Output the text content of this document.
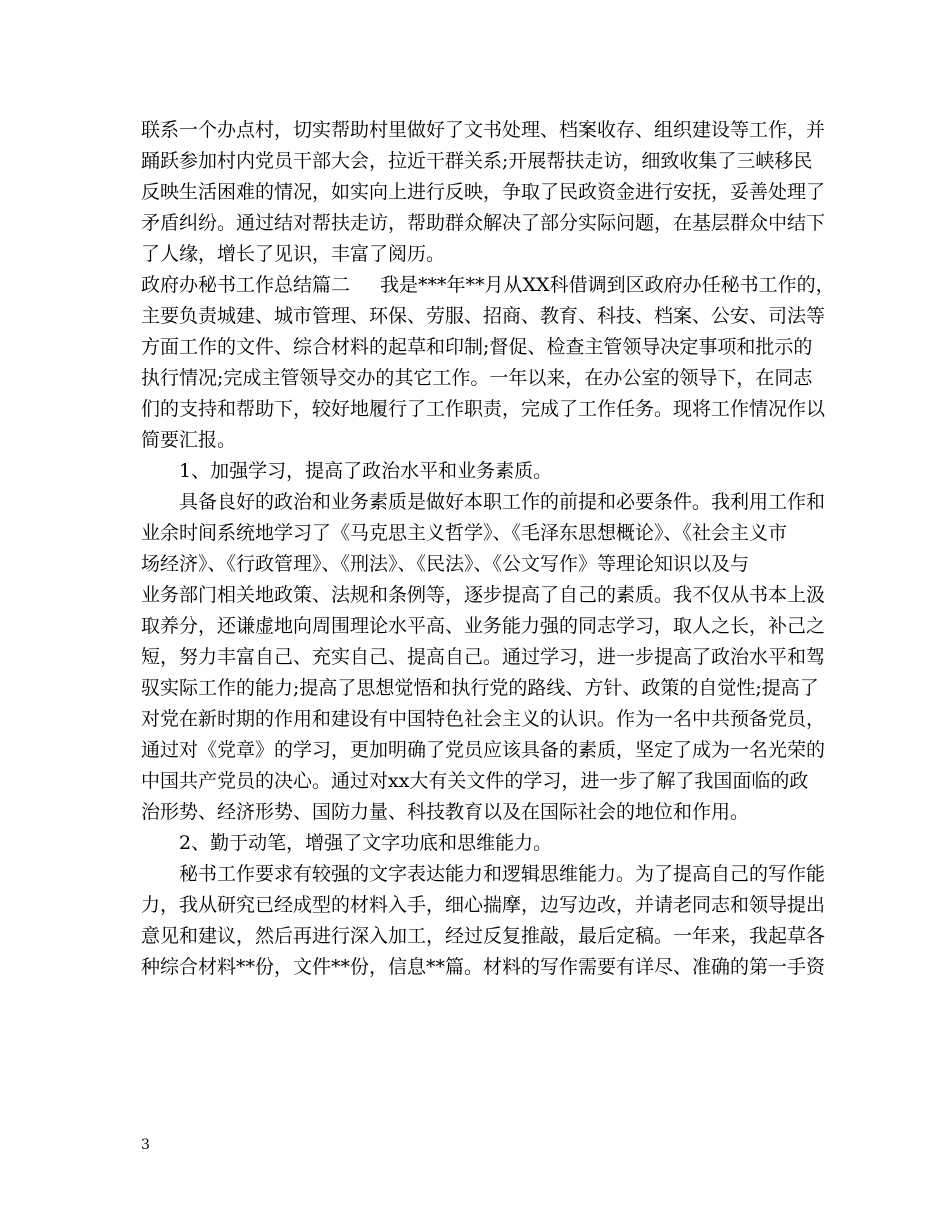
联系一个办点村，切实帮助村里做好了文书处理、档案收存、组织建设等工作，并
踊跃参加村内党员干部大会，拉近干群关系;开展帮扶走访，细致收集了三峡移民
反映生活困难的情况，如实向上进行反映，争取了民政资金进行安抚，妥善处理了
矛盾纠纷。通过结对帮扶走访，帮助群众解决了部分实际问题，在基层群众中结下
了人缘，增长了见识，丰富了阅历。
政府办秘书工作总结篇二 我是***年**月从XX科借调到区政府办任秘书工作的，
主要负责城建、城市管理、环保、劳服、招商、教育、科技、档案、公安、司法等
方面工作的文件、综合材料的起草和印制;督促、检查主管领导决定事项和批示的
执行情况;完成主管领导交办的其它工作。一年以来，在办公室的领导下，在同志
们的支持和帮助下，较好地履行了工作职责，完成了工作任务。现将工作情况作以
简要汇报。
1、加强学习，提高了政治水平和业务素质。
具备良好的政治和业务素质是做好本职工作的前提和必要条件。我利用工作和
业余时间系统地学习了《马克思主义哲学》、《毛泽东思想概论》、《社会主义市
场经济》、《行政管理》、《刑法》、《民法》、《公文写作》等理论知识以及与
业务部门相关地政策、法规和条例等，逐步提高了自己的素质。我不仅从书本上汲
取养分，还谦虚地向周围理论水平高、业务能力强的同志学习，取人之长，补己之
短，努力丰富自己、充实自己、提高自己。通过学习，进一步提高了政治水平和驾
驭实际工作的能力;提高了思想觉悟和执行党的路线、方针、政策的自觉性;提高了
对党在新时期的作用和建设有中国特色社会主义的认识。作为一名中共预备党员，
通过对《党章》的学习，更加明确了党员应该具备的素质，坚定了成为一名光荣的
中国共产党员的决心。通过对xx大有关文件的学习，进一步了解了我国面临的政
治形势、经济形势、国防力量、科技教育以及在国际社会的地位和作用。
2、勤于动笔，增强了文字功底和思维能力。
秘书工作要求有较强的文字表达能力和逻辑思维能力。为了提高自己的写作能
力，我从研究已经成型的材料入手，细心揣摩，边写边改，并请老同志和领导提出
意见和建议，然后再进行深入加工，经过反复推敲，最后定稿。一年来，我起草各
种综合材料**份，文件**份，信息**篇。材料的写作需要有详尽、准确的第一手资
3
